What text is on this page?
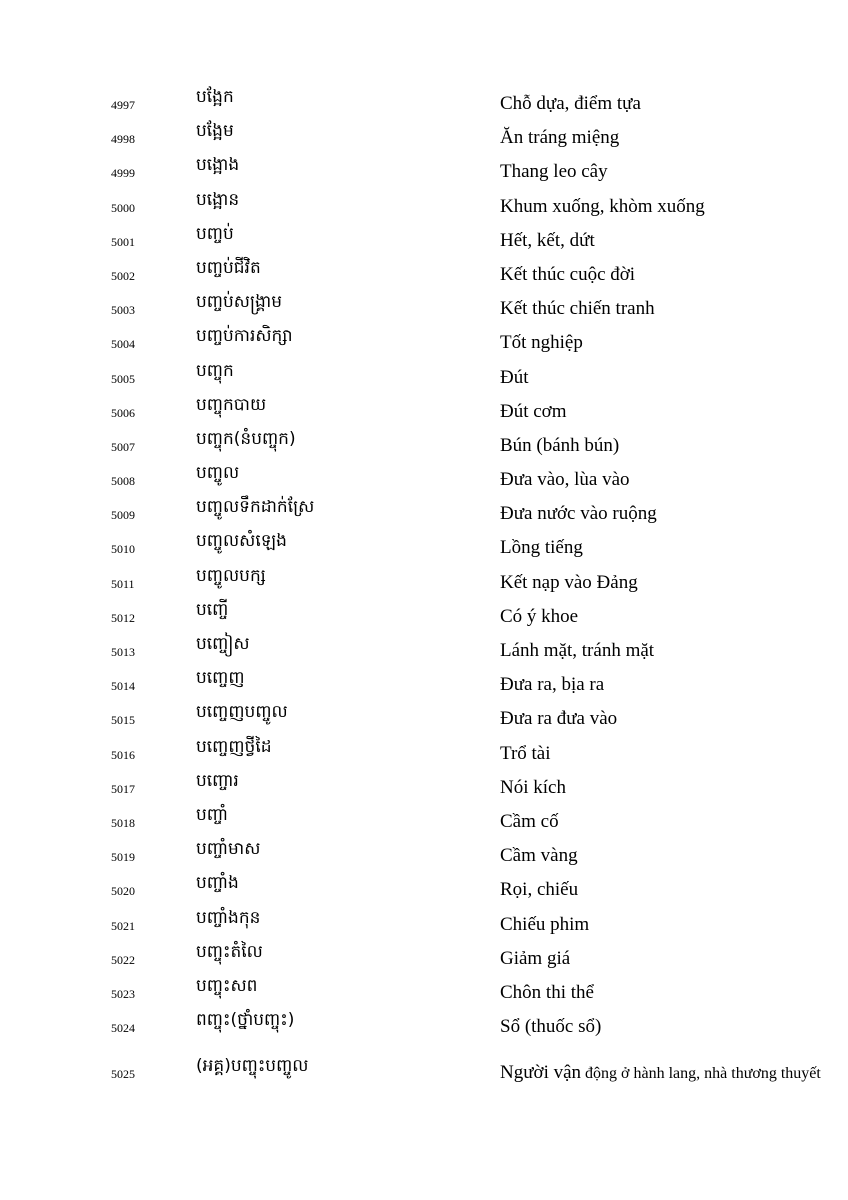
4997	បង្អែក	Chỗ dựa, điểm tựa
4998	បង្អែម	Ăn tráng miệng
4999	បង្អោង	Thang leo cây
5000	បង្អោន	Khum xuống, khòm xuống
5001	បញ្ចប់	Hết, kết, dứt
5002	បញ្ចប់ជីវិត	Kết thúc cuộc đời
5003	បញ្ចប់សង្គ្រាម	Kết thúc chiến tranh
5004	បញ្ចប់ការសិក្សា	Tốt nghiệp
5005	បញ្ចុក	Đút
5006	បញ្ចុកបាយ	Đút cơm
5007	បញ្ចុក(នំបញ្ចុក)	Bún (bánh bún)
5008	បញ្ចូល	Đưa vào, lùa vào
5009	បញ្ចូលទឹកដាក់ស្រែ	Đưa nước vào ruộng
5010	បញ្ចូលសំឡេង	Lồng tiếng
5011	បញ្ចូលបក្ស	Kết nạp vào Đảng
5012	បញ្ចើ	Có ý khoe
5013	បញ្ចៀស	Lánh mặt, tránh mặt
5014	បញ្ចេញ	Đưa ra, bịa ra
5015	បញ្ចេញបញ្ចូល	Đưa ra đưa vào
5016	បញ្ចេញថ្វីដៃ	Trổ tài
5017	បញ្ចោរ	Nói kích
5018	បញ្ចាំ	Cầm cố
5019	បញ្ចាំមាស	Cầm vàng
5020	បញ្ចាំង	Rọi, chiếu
5021	បញ្ចាំងកុន	Chiếu phim
5022	បញ្ចុះតំលៃ	Giảm giá
5023	បញ្ចុះសព	Chôn thi thể
5024	ពញ្ចុះ(ថ្នាំបញ្ចុះ)	Sổ (thuốc sổ)
5025	(អគ្គ)បញ្ចុះបញ្ចូល	Người vận động ở hành lang, nhà thương thuyết
